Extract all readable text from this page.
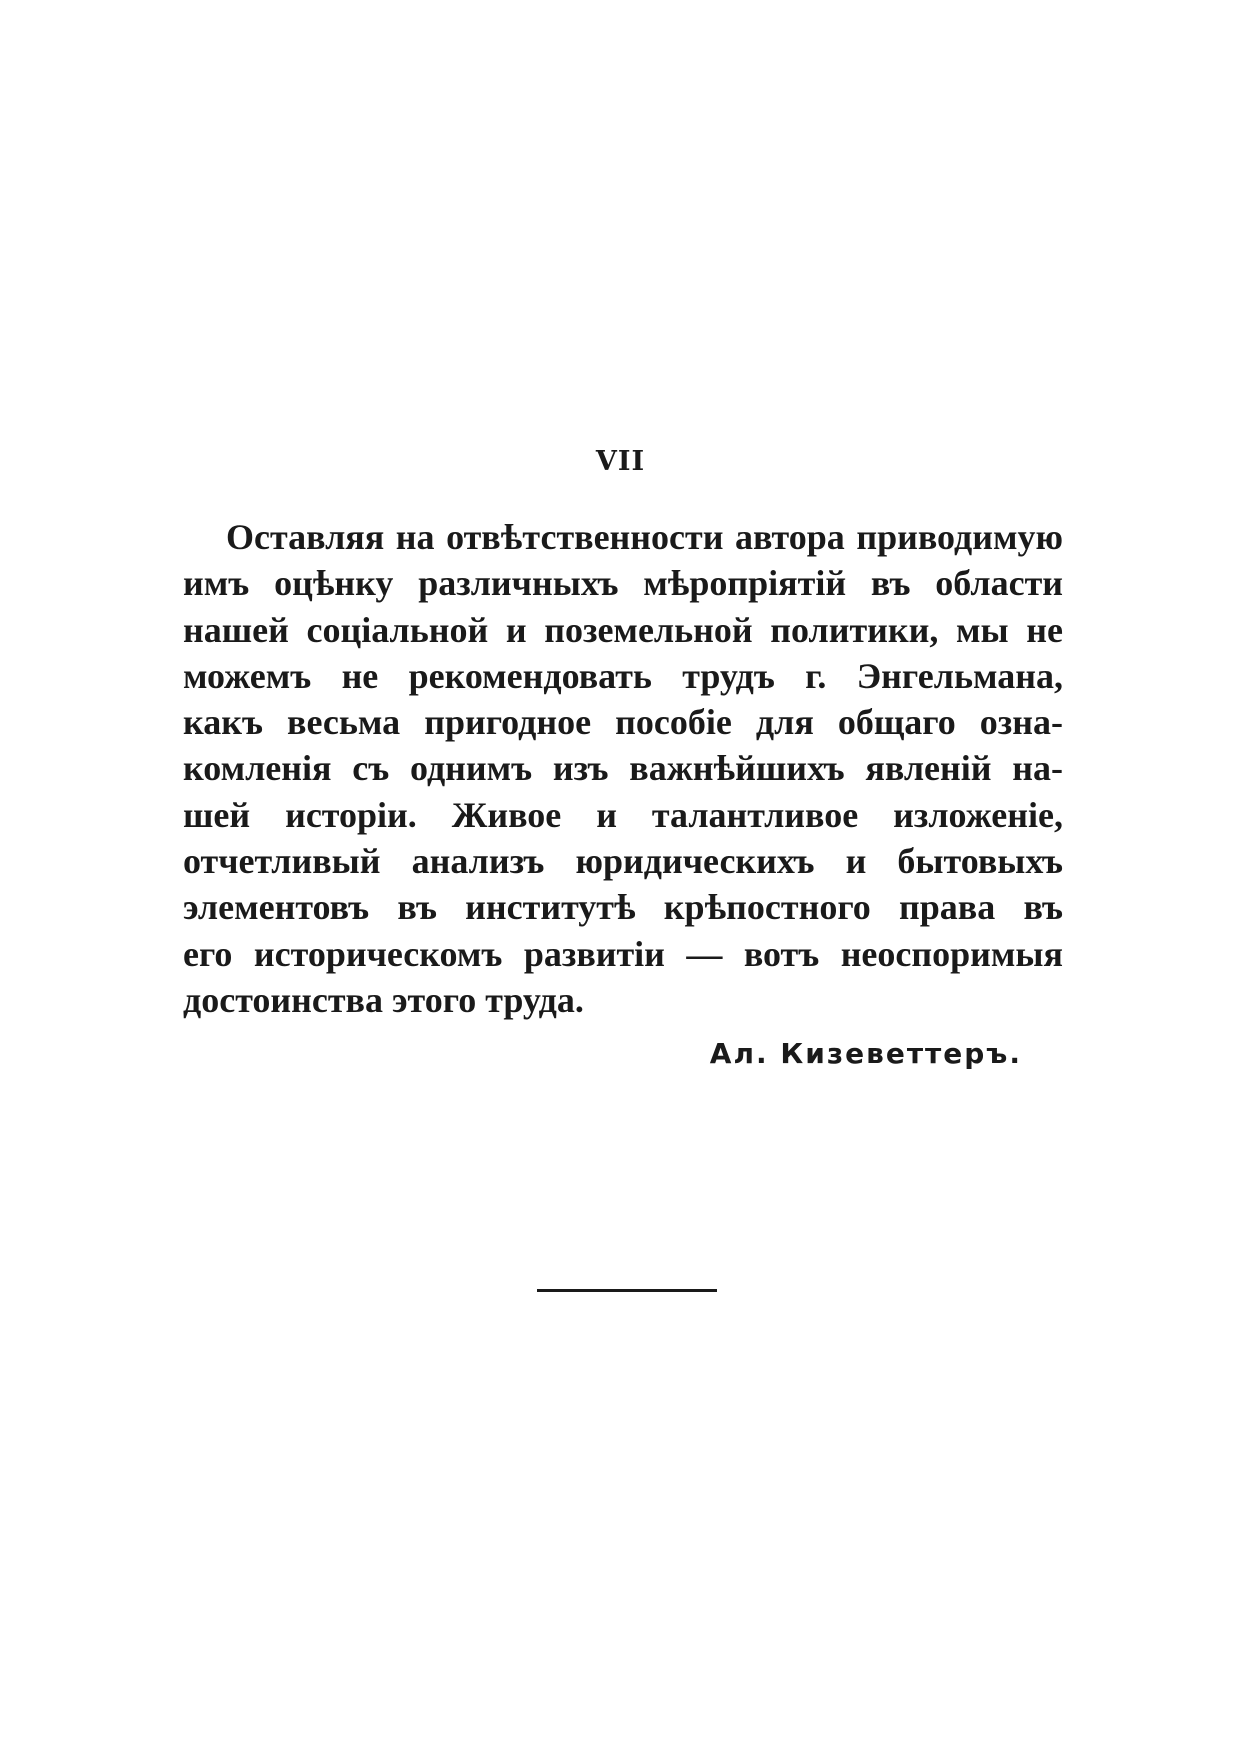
VII
Оставляя на отвѣтственности автора приводимую
имъ оцѣнку различныхъ мѣропріятій въ области
нашей соціальной и поземельной политики, мы не
можемъ не рекомендовать трудъ г. Энгельмана,
какъ весьма пригодное пособіе для общаго озна-
комленія съ однимъ изъ важнѣйшихъ явленій на-
шей исторіи. Живое и талантливое изложеніе,
отчетливый анализъ юридическихъ и бытовыхъ
элементовъ въ институтѣ крѣпостного права въ
его историческомъ развитіи — вотъ неоспоримыя
достоинства этого труда.
Ал. Кизеветтеръ.
